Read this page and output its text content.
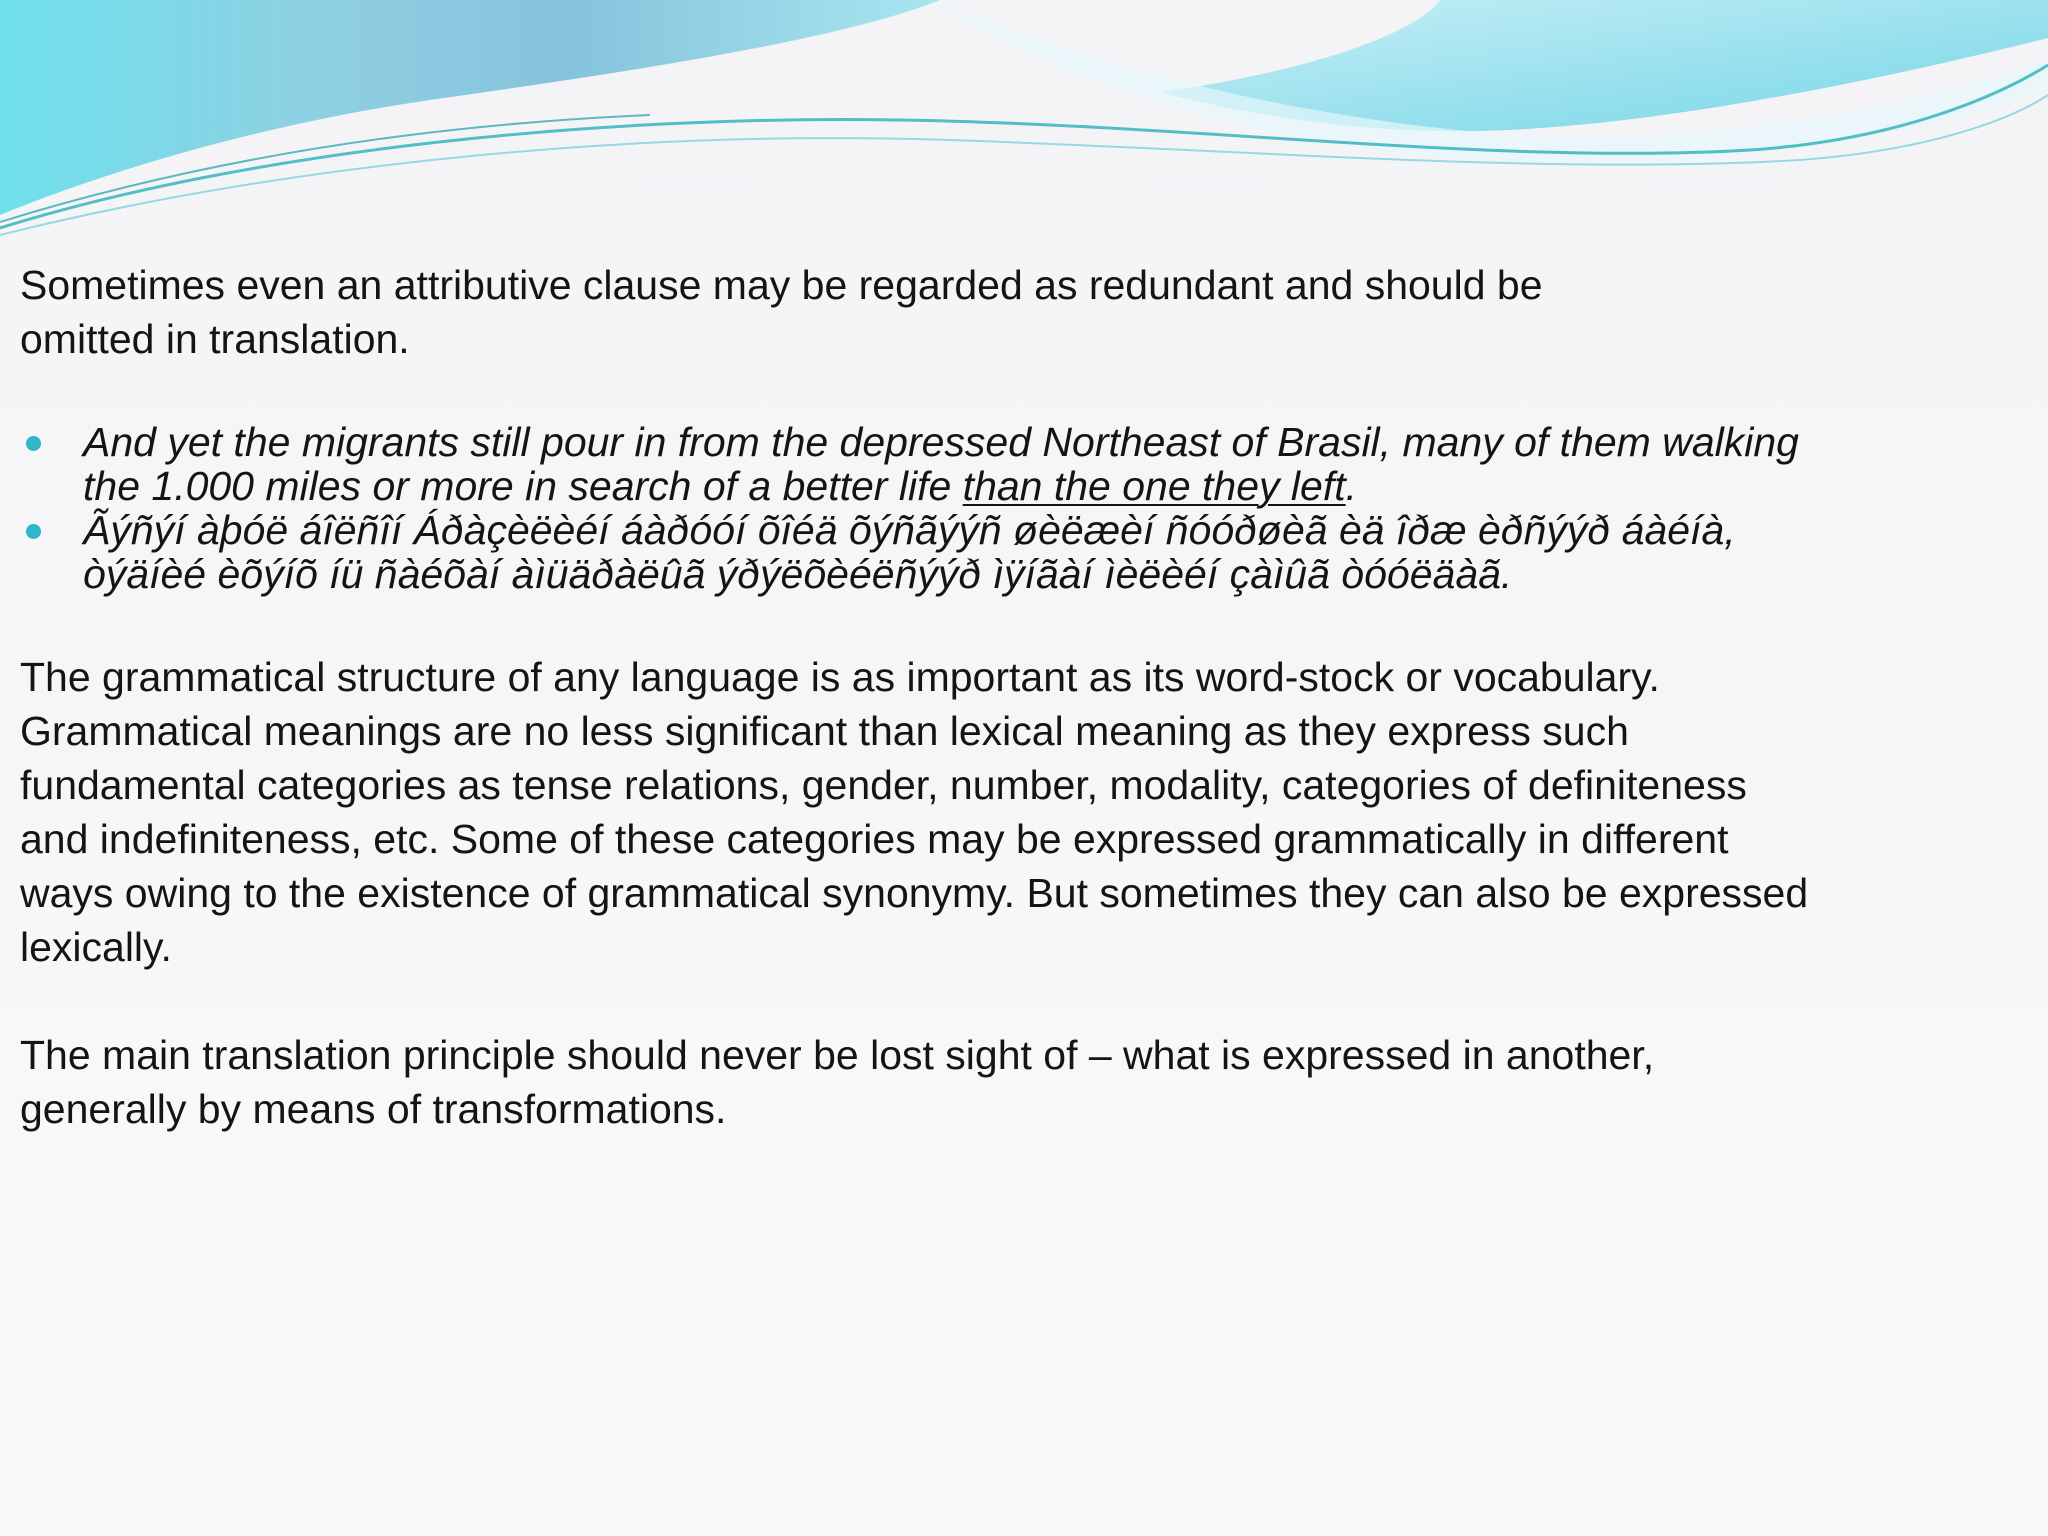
Sometimes even an attributive clause may be regarded as redundant and should be omitted in translation.

And yet the migrants still pour in from the depressed Northeast of Brasil, many of them walking the 1.000 miles or more in search of a better life than the one they left.
Ãýñýí àþóë áîëñîí Áðàçèëèéí áàðóóí õîéä õýñãýýñ øèëæèí ñóóðøèã èä îðæ èðñýýð áàéíà, òýäíèé èõýíõ íü ñàéõàí àìüäðàëûã ýðýëõèéëñýýð ìÿíãàí ìèëèéí çàìûã òóóëäàã.

The grammatical structure of any language is as important as its word-stock or vocabulary. Grammatical meanings are no less significant than lexical meaning as they express such fundamental categories as tense relations, gender, number, modality, categories of definiteness and indefiniteness, etc. Some of these categories may be expressed grammatically in different ways owing to the existence of grammatical synonymy. But sometimes they can also be expressed lexically.

The main translation principle should never be lost sight of – what is expressed in another, generally by means of transformations.
